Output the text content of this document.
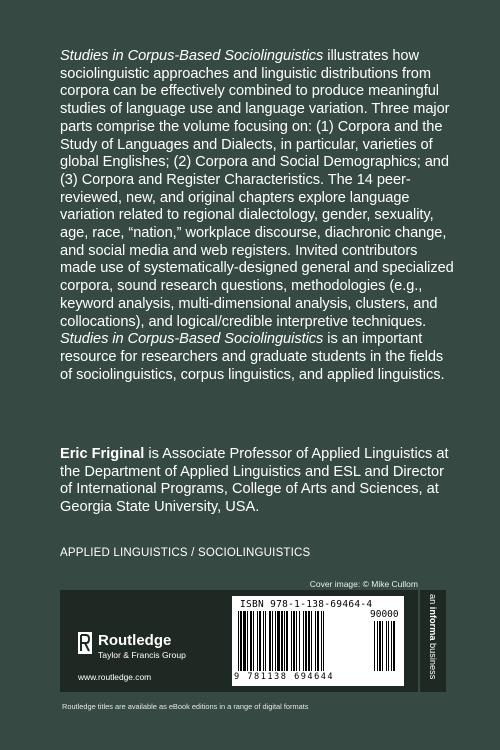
Studies in Corpus-Based Sociolinguistics illustrates how sociolinguistic approaches and linguistic distributions from corpora can be effectively combined to produce meaningful studies of language use and language variation. Three major parts comprise the volume focusing on: (1) Corpora and the Study of Languages and Dialects, in particular, varieties of global Englishes; (2) Corpora and Social Demographics; and (3) Corpora and Register Characteristics. The 14 peer-reviewed, new, and original chapters explore language variation related to regional dialectology, gender, sexuality, age, race, “nation,” workplace discourse, diachronic change, and social media and web registers. Invited contributors made use of systematically-designed general and specialized corpora, sound research questions, methodologies (e.g., keyword analysis, multi-dimensional analysis, clusters, and collocations), and logical/credible interpretive techniques. Studies in Corpus-Based Sociolinguistics is an important resource for researchers and graduate students in the fields of sociolinguistics, corpus linguistics, and applied linguistics.

Eric Friginal is Associate Professor of Applied Linguistics at the Department of Applied Linguistics and ESL and Director of International Programs, College of Arts and Sciences, at Georgia State University, USA.
APPLIED LINGUISTICS / SOCIOLINGUISTICS
Cover image: © Mike Cullom
Routledge
Taylor & Francis Group
www.routledge.com
ISBN 978-1-138-69464-4
90000
9 781138 694644
an informa business
Routledge titles are available as eBook editions in a range of digital formats
